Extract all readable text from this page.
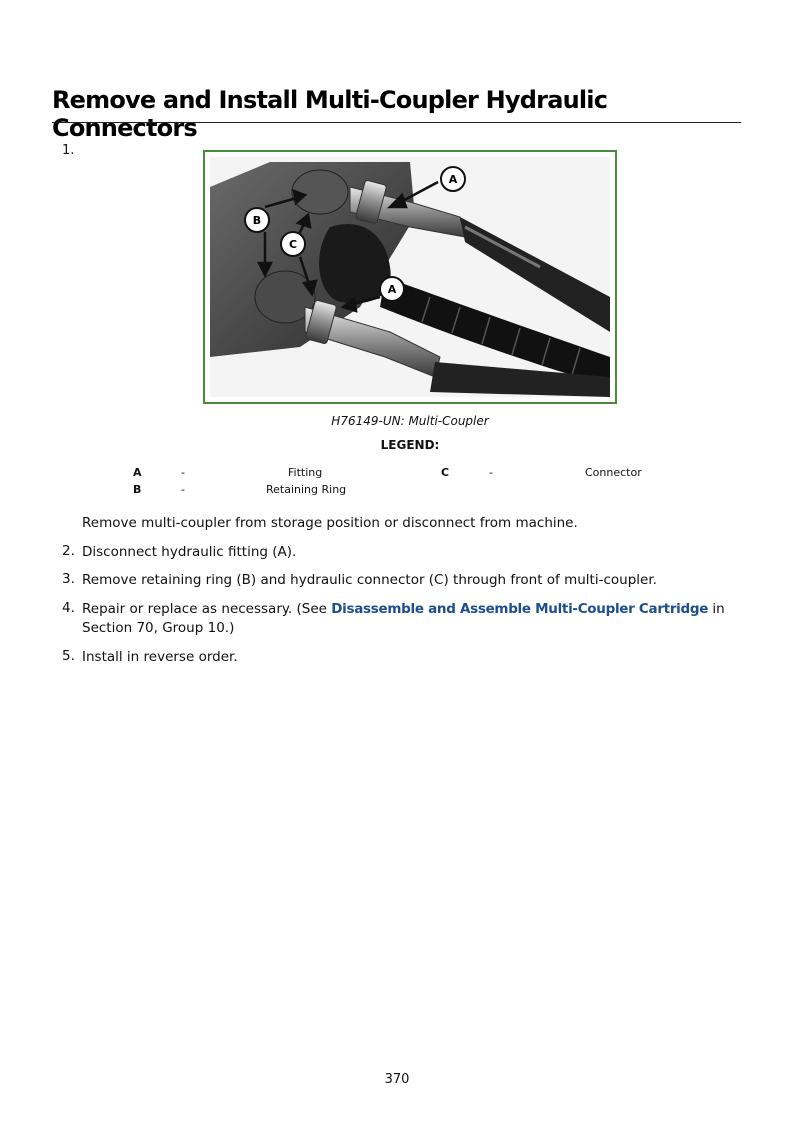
Remove and Install Multi-Coupler Hydraulic Connectors
1.
A
B
C
A
H76149-UN: Multi-Coupler
LEGEND:
A	-	Fitting
B	-	Retaining Ring
C	-	Connector
Remove multi-coupler from storage position or disconnect from machine.
2. Disconnect hydraulic fitting (A).
3. Remove retaining ring (B) and hydraulic connector (C) through front of multi-coupler.
4. Repair or replace as necessary. (See Disassemble and Assemble Multi-Coupler Cartridge in Section 70, Group 10.)
5. Install in reverse order.
370
